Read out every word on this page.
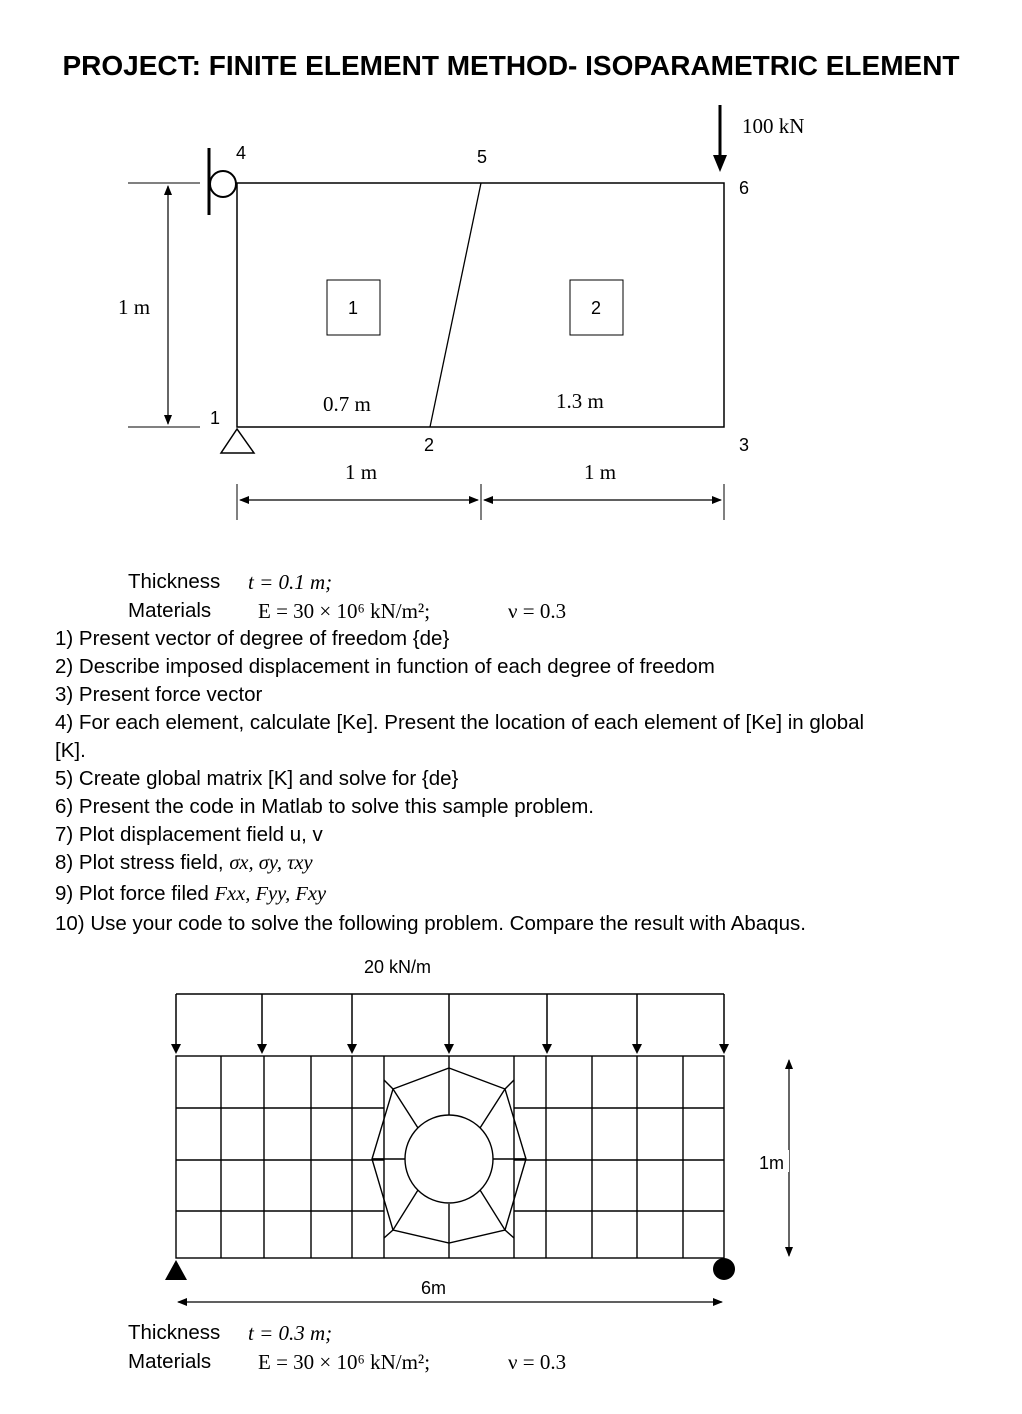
PROJECT: FINITE ELEMENT METHOD- ISOPARAMETRIC ELEMENT
1	2
100 kN
4	5
6
1
2	3
1 m
0.7 m	1.3 m
1 m	1 m
Thickness t = 0.1 m;
Materials E = 30 × 10⁶ kN/m²;	ν = 0.3
1) Present vector of degree of freedom {de}
2) Describe imposed displacement in function of each degree of freedom
3) Present force vector
4) For each element, calculate [Ke]. Present the location of each element of [Ke] in global
[K].
5) Create global matrix [K] and solve for {de}
6) Present the code in Matlab to solve this sample problem.
7) Plot displacement field u, v
8) Plot stress field, σx, σy, τxy
9) Plot force filed Fxx, Fyy, Fxy
10) Use your code to solve the following problem. Compare the result with Abaqus.
20 kN/m
6m
1m
Thickness t = 0.3 m;
Materials E = 30 × 10⁶ kN/m²;	ν = 0.3
